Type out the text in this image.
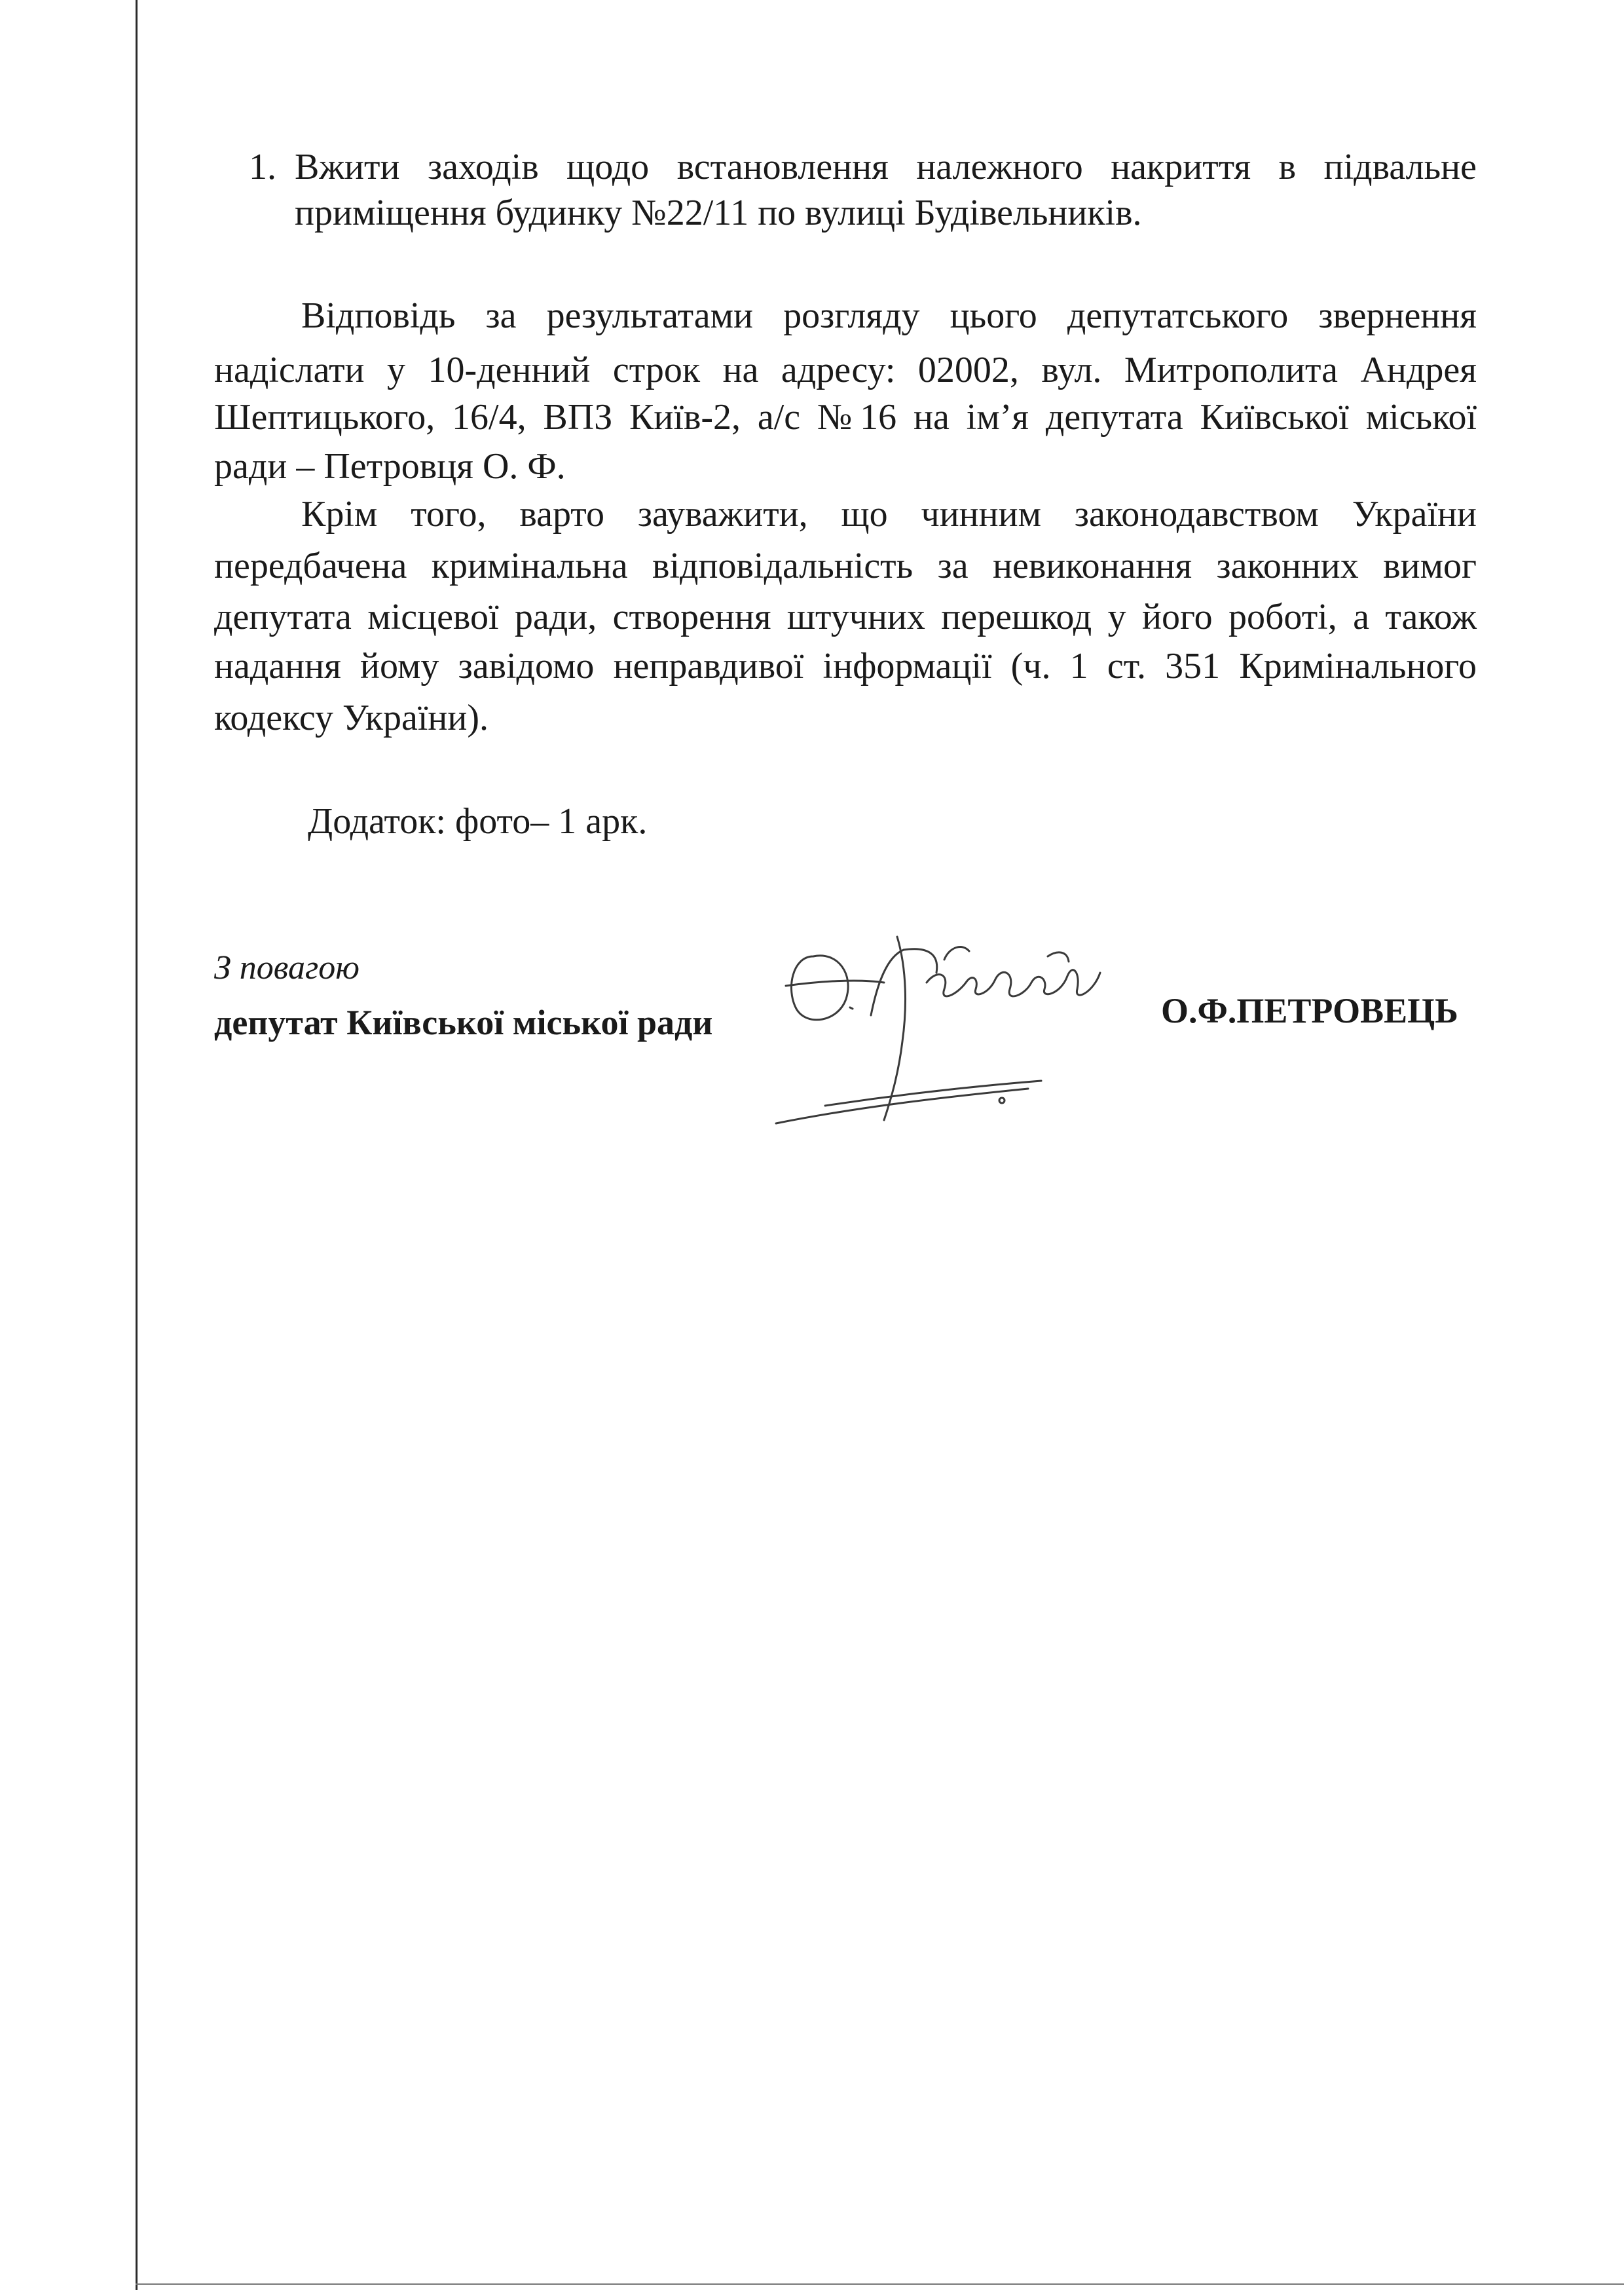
1. Вжити заходів щодо встановлення належного накриття в підвальне
приміщення будинку №22/11 по вулиці Будівельників.
Відповідь за результатами розгляду цього депутатського звернення
надіслати у 10-денний строк на адресу: 02002, вул. Митрополита Андрея
Шептицького, 16/4, ВПЗ Київ-2, а/с №16 на ім’я депутата Київської міської
ради – Петровця О. Ф.
Крім того, варто зауважити, що чинним законодавством України
передбачена кримінальна відповідальність за невиконання законних вимог
депутата місцевої ради, створення штучних перешкод у його роботі, а також
надання йому завідомо неправдивої інформації (ч. 1 ст. 351 Кримінального
кодексу України).
Додаток: фото– 1 арк.
З повагою
депутат Київської міської ради	О.Ф.ПЕТРОВЕЦЬ
